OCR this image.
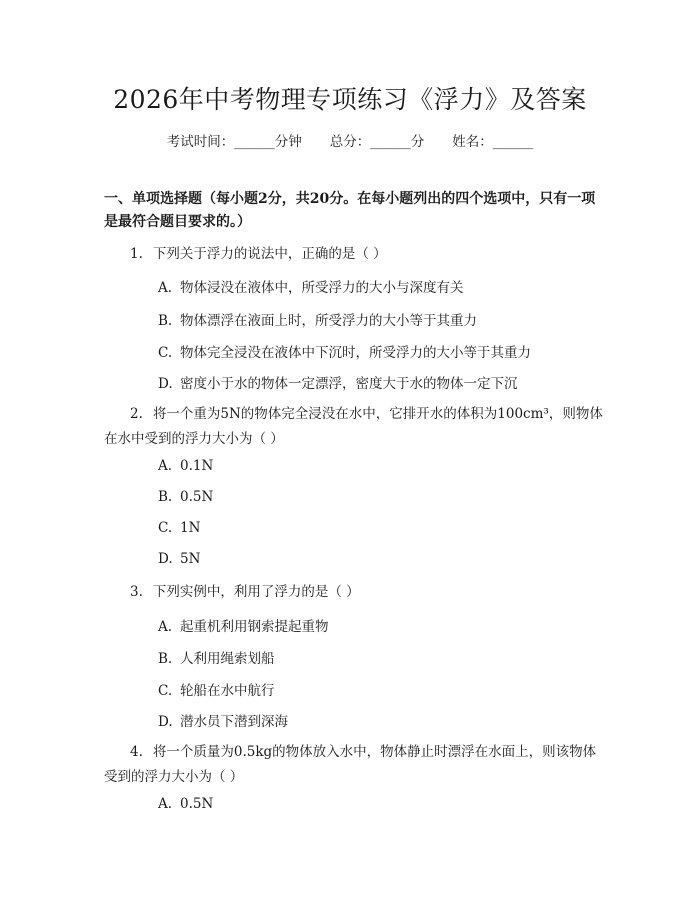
2026年中考物理专项练习《浮力》及答案
考试时间：______分钟 总分：______分 姓名：______
一、单项选择题（每小题2分，共20分。在每小题列出的四个选项中，只有一项是最符合题目要求的。）
1. 下列关于浮力的说法中，正确的是（ ）
A. 物体浸没在液体中，所受浮力的大小与深度有关
B. 物体漂浮在液面上时，所受浮力的大小等于其重力
C. 物体完全浸没在液体中下沉时，所受浮力的大小等于其重力
D. 密度小于水的物体一定漂浮，密度大于水的物体一定下沉
2. 将一个重为5N的物体完全浸没在水中，它排开水的体积为100cm³，则物体在水中受到的浮力大小为（ ）
A. 0.1N
B. 0.5N
C. 1N
D. 5N
3. 下列实例中，利用了浮力的是（ ）
A. 起重机利用钢索提起重物
B. 人利用绳索划船
C. 轮船在水中航行
D. 潜水员下潜到深海
4. 将一个质量为0.5kg的物体放入水中，物体静止时漂浮在水面上，则该物体受到的浮力大小为（ ）
A. 0.5N
